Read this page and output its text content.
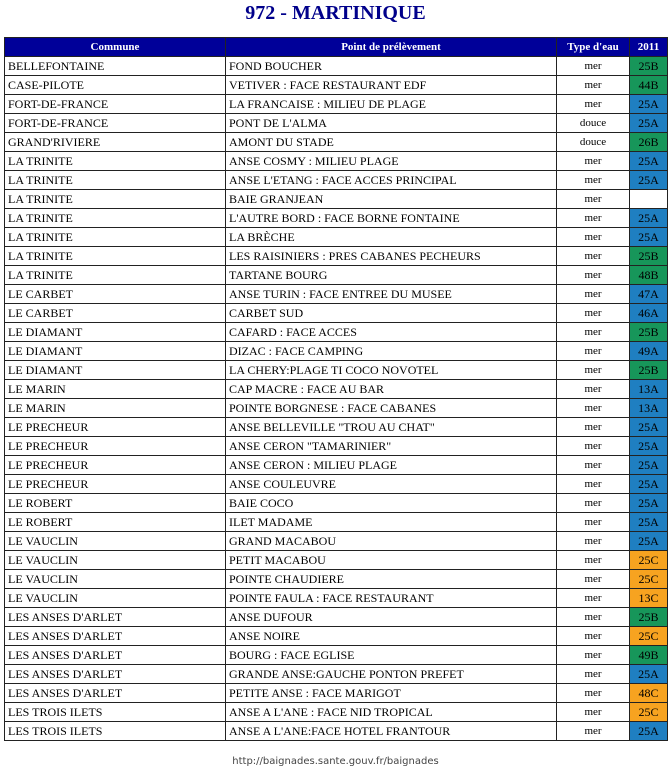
972 - MARTINIQUE
Commune	Point de prélèvement	Type d'eau	2011
BELLEFONTAINE	FOND BOUCHER	mer	25B
CASE-PILOTE	VETIVER : FACE RESTAURANT EDF	mer	44B
FORT-DE-FRANCE	LA FRANCAISE : MILIEU DE PLAGE	mer	25A
FORT-DE-FRANCE	PONT DE L'ALMA	douce	25A
GRAND'RIVIERE	AMONT DU STADE	douce	26B
LA TRINITE	ANSE COSMY : MILIEU PLAGE	mer	25A
LA TRINITE	ANSE L'ETANG : FACE ACCES PRINCIPAL	mer	25A
LA TRINITE	BAIE GRANJEAN	mer	
LA TRINITE	L'AUTRE BORD : FACE BORNE FONTAINE	mer	25A
LA TRINITE	LA BRÈCHE	mer	25A
LA TRINITE	LES RAISINIERS : PRES CABANES PECHEURS	mer	25B
LA TRINITE	TARTANE BOURG	mer	48B
LE CARBET	ANSE TURIN : FACE ENTREE DU MUSEE	mer	47A
LE CARBET	CARBET SUD	mer	46A
LE DIAMANT	CAFARD : FACE ACCES	mer	25B
LE DIAMANT	DIZAC : FACE CAMPING	mer	49A
LE DIAMANT	LA CHERY:PLAGE TI COCO NOVOTEL	mer	25B
LE MARIN	CAP MACRE : FACE AU BAR	mer	13A
LE MARIN	POINTE BORGNESE : FACE CABANES	mer	13A
LE PRECHEUR	ANSE BELLEVILLE "TROU AU CHAT"	mer	25A
LE PRECHEUR	ANSE CERON "TAMARINIER"	mer	25A
LE PRECHEUR	ANSE CERON : MILIEU PLAGE	mer	25A
LE PRECHEUR	ANSE COULEUVRE	mer	25A
LE ROBERT	BAIE COCO	mer	25A
LE ROBERT	ILET MADAME	mer	25A
LE VAUCLIN	GRAND MACABOU	mer	25A
LE VAUCLIN	PETIT MACABOU	mer	25C
LE VAUCLIN	POINTE CHAUDIERE	mer	25C
LE VAUCLIN	POINTE FAULA : FACE RESTAURANT	mer	13C
LES ANSES D'ARLET	ANSE DUFOUR	mer	25B
LES ANSES D'ARLET	ANSE NOIRE	mer	25C
LES ANSES D'ARLET	BOURG : FACE EGLISE	mer	49B
LES ANSES D'ARLET	GRANDE ANSE:GAUCHE PONTON PREFET	mer	25A
LES ANSES D'ARLET	PETITE ANSE : FACE MARIGOT	mer	48C
LES TROIS ILETS	ANSE A L'ANE : FACE NID TROPICAL	mer	25C
LES TROIS ILETS	ANSE A L'ANE:FACE HOTEL FRANTOUR	mer	25A
http://baignades.sante.gouv.fr/baignades
